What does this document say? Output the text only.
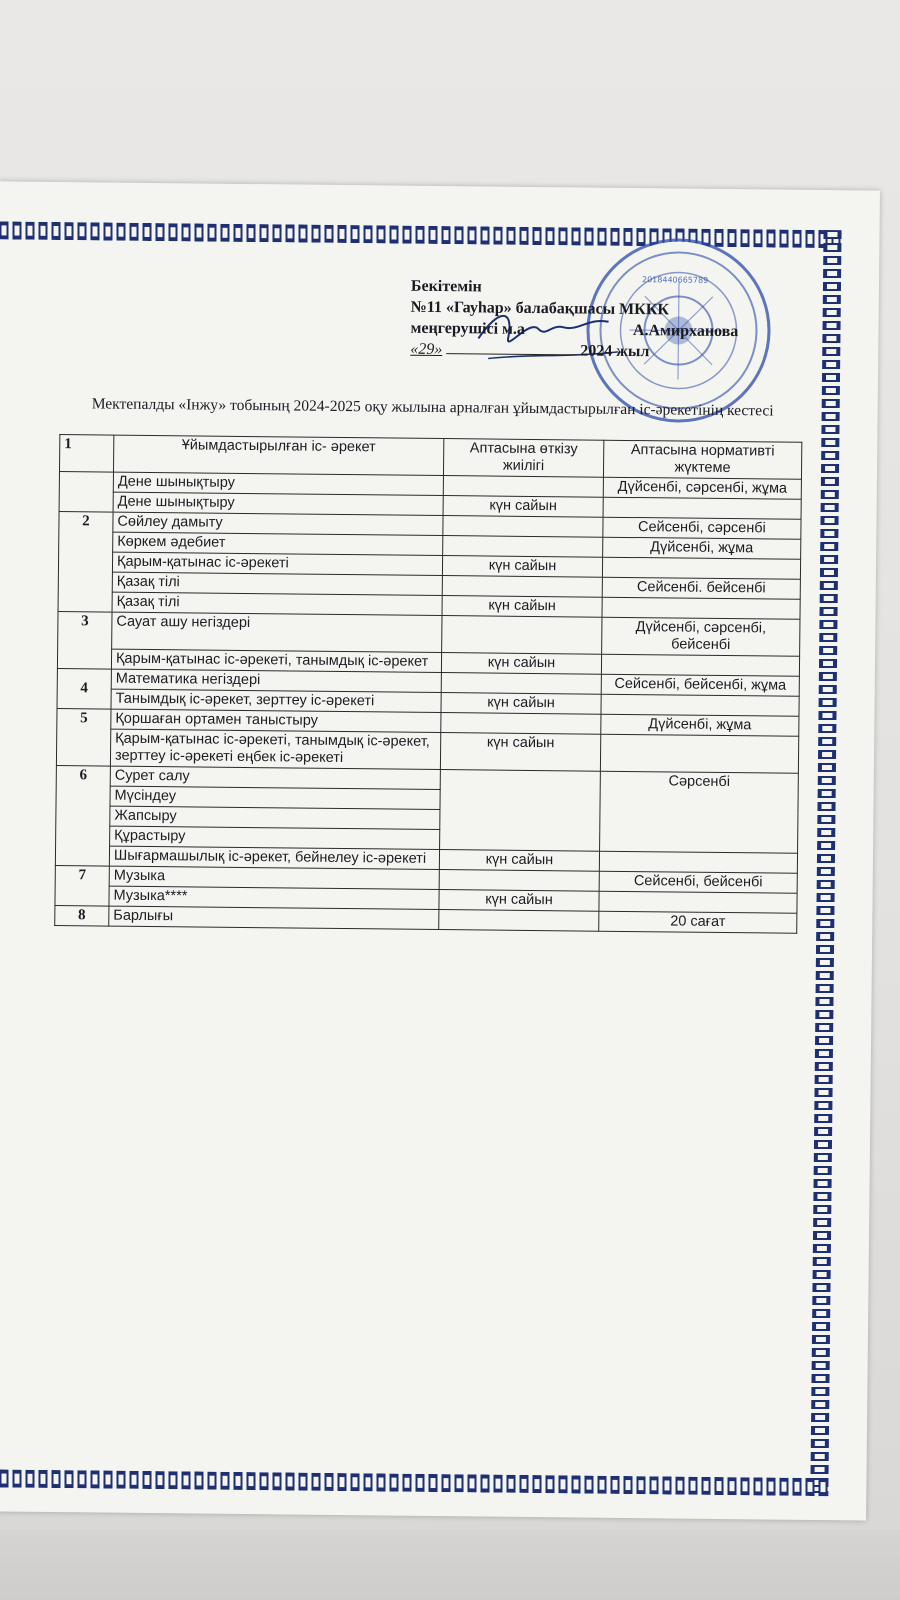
2018440665789
Бекітемін
№11 «Гауһар» балабақшасы МККК
меңгерушісі м.а	А.Амирханова
«29»	2024 жыл
Мектепалды «Інжу» тобының 2024-2025 оқу жылына арналған ұйымдастырылған іс-әрекетінің кестесі
1	Ұйымдастырылған іс- әрекет	Аптасына өткізу жиілігі	Аптасына нормативті жүктеме
	Дене шынықтыру		Дүйсенбі, сәрсенбі, жұма
	Дене шынықтыру	күн сайын	
2	Сөйлеу дамыту		Сейсенбі, сәрсенбі
	Көркем әдебиет		Дүйсенбі, жұма
	Қарым-қатынас іс-әрекеті	күн сайын	
	Қазақ тілі		Сейсенбі. бейсенбі
	Қазақ тілі	күн сайын	
3	Сауат ашу негіздері		Дүйсенбі, сәрсенбі, бейсенбі
	Қарым-қатынас іс-әрекеті, танымдық іс-әрекет	күн сайын	
4	Математика негіздері		Сейсенбі, бейсенбі, жұма
	Танымдық іс-әрекет, зерттеу іс-әрекеті	күн сайын	
5	Қоршаған ортамен таныстыру		Дүйсенбі, жұма
	Қарым-қатынас іс-әрекеті, танымдық іс-әрекет, зерттеу іс-әрекеті еңбек іс-әрекеті	күн сайын	
6	Сурет салу		Сәрсенбі
	Мүсіндеу		
	Жапсыру		
	Құрастыру		
	Шығармашылық іс-әрекет, бейнелеу іс-әрекеті	күн сайын	
7	Музыка		Сейсенбі, бейсенбі
	Музыка****	күн сайын	
8	Барлығы		20 сағат
